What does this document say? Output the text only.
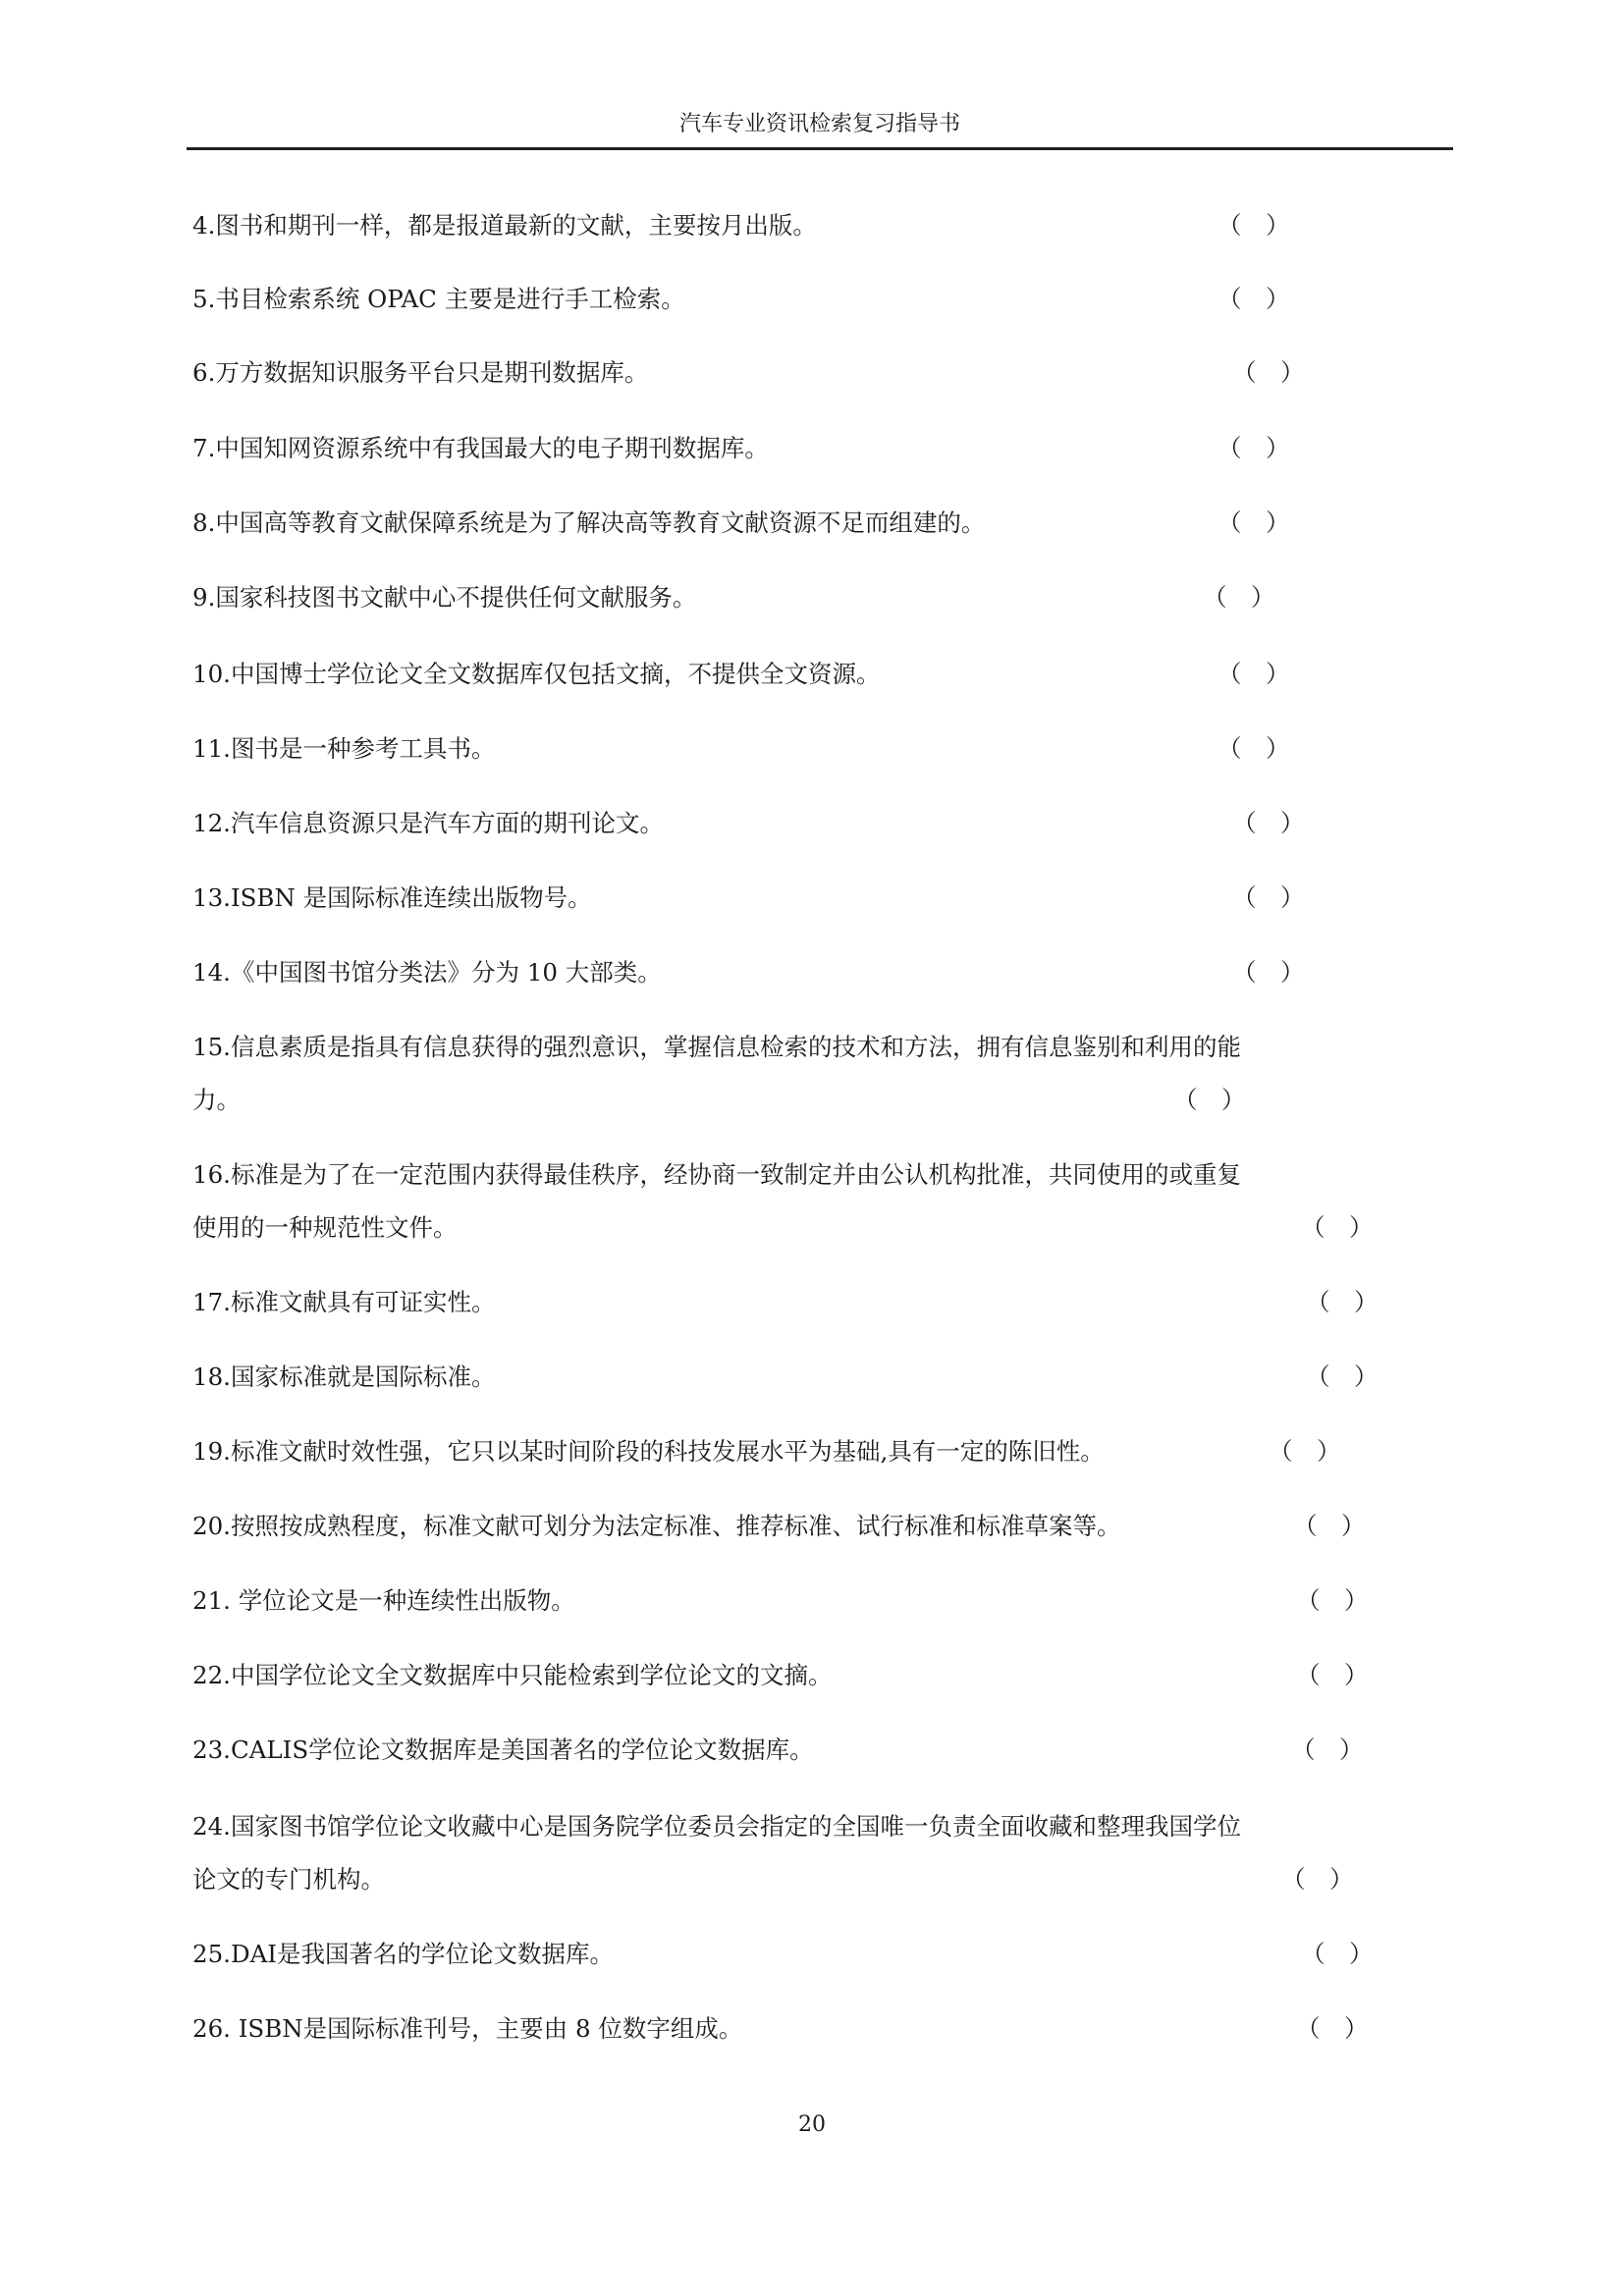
汽车专业资讯检索复习指导书
4.图书和期刊一样，都是报道最新的文献，主要按月出版。	（　）
5.书目检索系统 OPAC 主要是进行手工检索。	（　）
6.万方数据知识服务平台只是期刊数据库。	（　）
7.中国知网资源系统中有我国最大的电子期刊数据库。	（　）
8.中国高等教育文献保障系统是为了解决高等教育文献资源不足而组建的。	（　）
9.国家科技图书文献中心不提供任何文献服务。	（　）
10.中国博士学位论文全文数据库仅包括文摘，不提供全文资源。	（　）
11.图书是一种参考工具书。	（　）
12.汽车信息资源只是汽车方面的期刊论文。	（　）
13.ISBN 是国际标准连续出版物号。	（　）
14.《中国图书馆分类法》分为 10 大部类。	（　）
15.信息素质是指具有信息获得的强烈意识，掌握信息检索的技术和方法，拥有信息鉴别和利用的能
力。	（　）
16.标准是为了在一定范围内获得最佳秩序，经协商一致制定并由公认机构批准，共同使用的或重复
使用的一种规范性文件。	（　）
17.标准文献具有可证实性。	（　）
18.国家标准就是国际标准。	（　）
19.标准文献时效性强，它只以某时间阶段的科技发展水平为基础,具有一定的陈旧性。	（　）
20.按照按成熟程度，标准文献可划分为法定标准、推荐标准、试行标准和标准草案等。	（　）
21. 学位论文是一种连续性出版物。	（　）
22.中国学位论文全文数据库中只能检索到学位论文的文摘。	（　）
23.CALIS学位论文数据库是美国著名的学位论文数据库。	（　）
24.国家图书馆学位论文收藏中心是国务院学位委员会指定的全国唯一负责全面收藏和整理我国学位
论文的专门机构。	（　）
25.DAI是我国著名的学位论文数据库。	（　）
26. ISBN是国际标准刊号，主要由 8 位数字组成。	（　）
20
